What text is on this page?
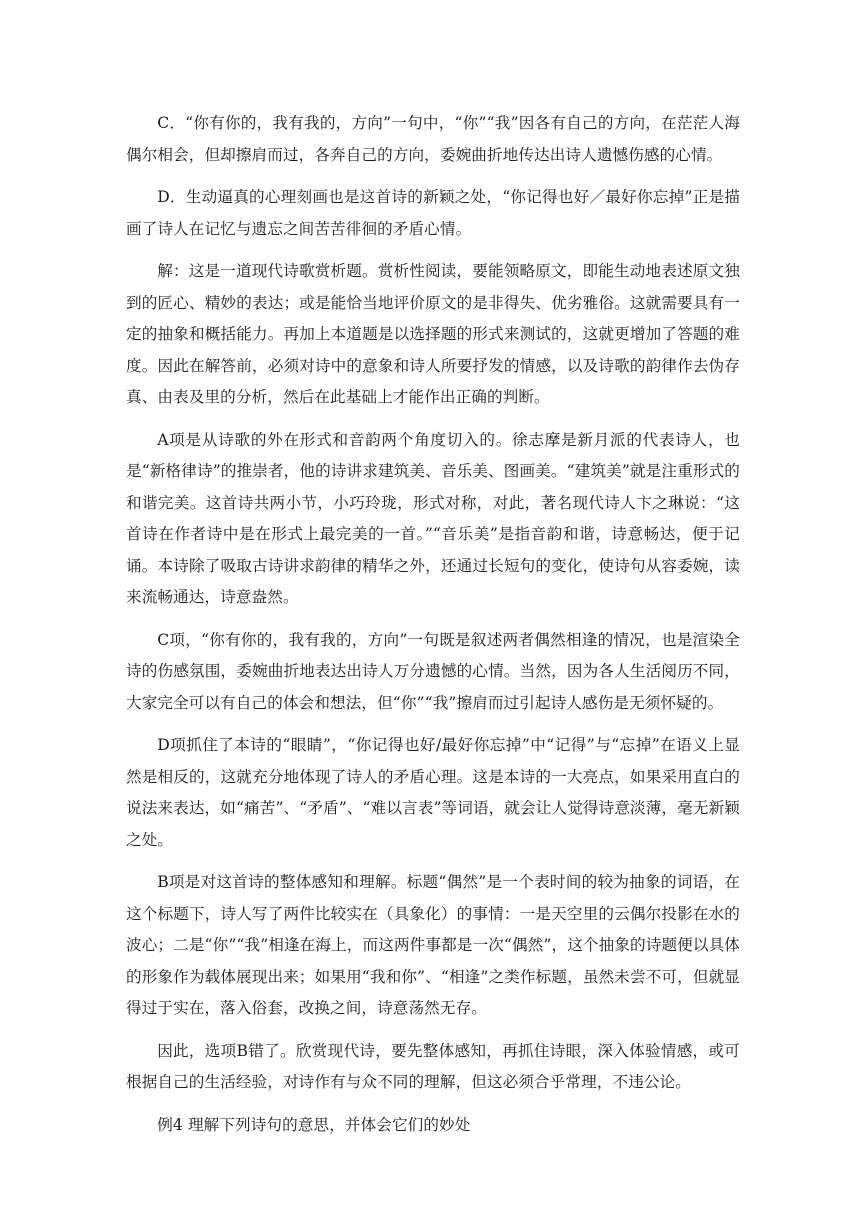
C．“你有你的，我有我的，方向”一句中，“你”“我”因各有自己的方向，在茫茫人海偶尔相会，但却擦肩而过，各奔自己的方向，委婉曲折地传达出诗人遗憾伤感的心情。

D．生动逼真的心理刻画也是这首诗的新颖之处，“你记得也好／最好你忘掉”正是描画了诗人在记忆与遗忘之间苦苦徘徊的矛盾心情。

解：这是一道现代诗歌赏析题。赏析性阅读，要能领略原文，即能生动地表述原文独到的匠心、精妙的表达；或是能恰当地评价原文的是非得失、优劣雅俗。这就需要具有一定的抽象和概括能力。再加上本道题是以选择题的形式来测试的，这就更增加了答题的难度。因此在解答前，必须对诗中的意象和诗人所要抒发的情感，以及诗歌的韵律作去伪存真、由表及里的分析，然后在此基础上才能作出正确的判断。

A项是从诗歌的外在形式和音韵两个角度切入的。徐志摩是新月派的代表诗人，也是“新格律诗”的推崇者，他的诗讲求建筑美、音乐美、图画美。“建筑美”就是注重形式的和谐完美。这首诗共两小节，小巧玲珑，形式对称，对此，著名现代诗人卞之琳说：“这首诗在作者诗中是在形式上最完美的一首。”“音乐美”是指音韵和谐，诗意畅达，便于记诵。本诗除了吸取古诗讲求韵律的精华之外，还通过长短句的变化，使诗句从容委婉，读来流畅通达，诗意盎然。

C项，“你有你的，我有我的，方向”一句既是叙述两者偶然相逢的情况，也是渲染全诗的伤感氛围，委婉曲折地表达出诗人万分遗憾的心情。当然，因为各人生活阅历不同，大家完全可以有自己的体会和想法，但“你”“我”擦肩而过引起诗人感伤是无须怀疑的。

D项抓住了本诗的“眼睛”，“你记得也好/最好你忘掉”中“记得”与“忘掉”在语义上显然是相反的，这就充分地体现了诗人的矛盾心理。这是本诗的一大亮点，如果采用直白的说法来表达，如“痛苦”、“矛盾”、“难以言表”等词语，就会让人觉得诗意淡薄，毫无新颖之处。

B项是对这首诗的整体感知和理解。标题“偶然”是一个表时间的较为抽象的词语，在这个标题下，诗人写了两件比较实在（具象化）的事情：一是天空里的云偶尔投影在水的波心；二是“你”“我”相逢在海上，而这两件事都是一次“偶然”，这个抽象的诗题便以具体的形象作为载体展现出来；如果用“我和你”、“相逢”之类作标题，虽然未尝不可，但就显得过于实在，落入俗套，改换之间，诗意荡然无存。

因此，选项B错了。欣赏现代诗，要先整体感知，再抓住诗眼，深入体验情感，或可根据自己的生活经验，对诗作有与众不同的理解，但这必须合乎常理，不违公论。

例4 理解下列诗句的意思，并体会它们的妙处
